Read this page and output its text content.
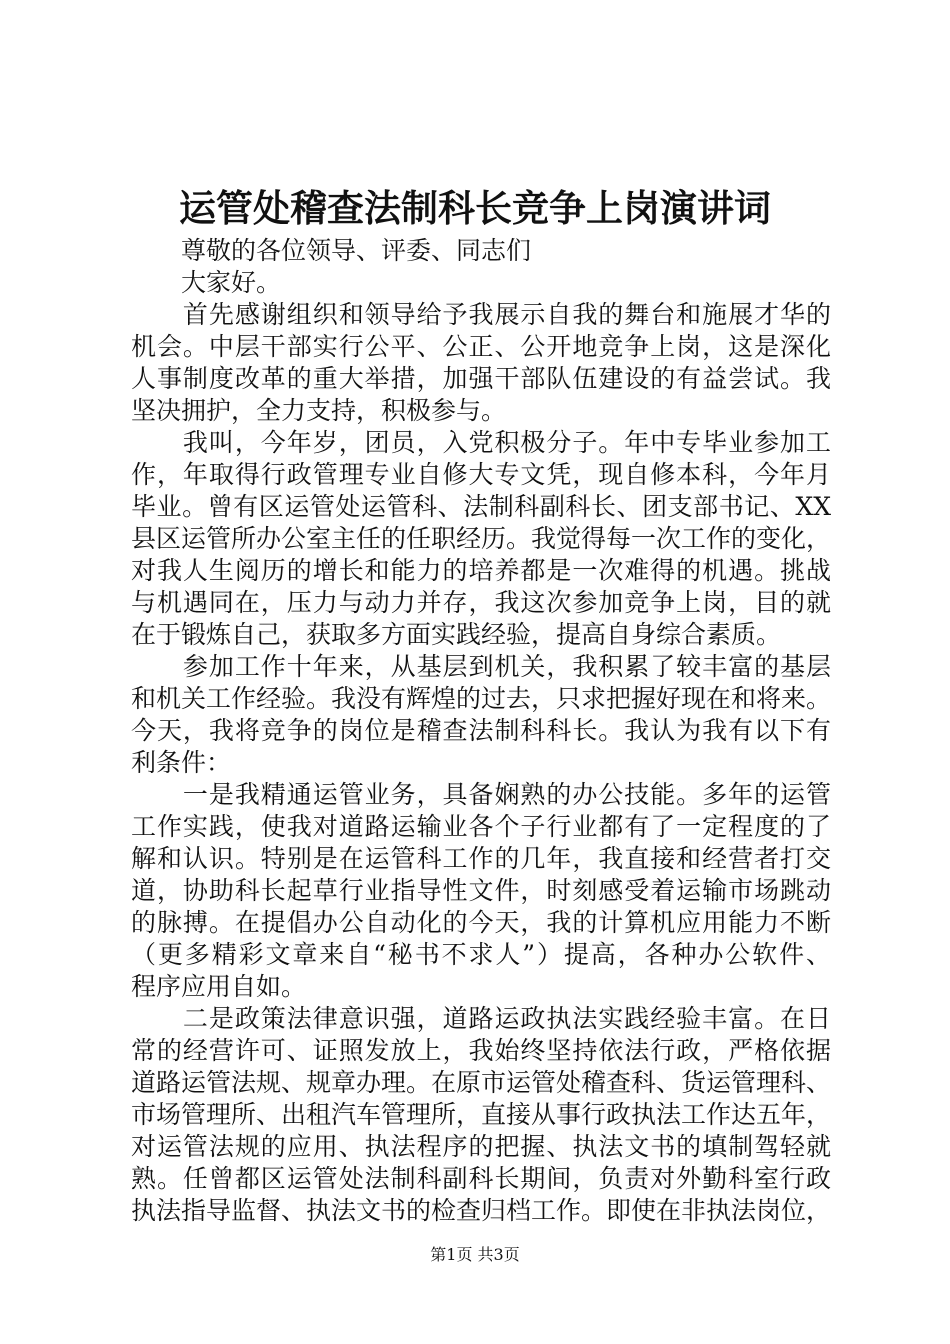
运管处稽查法制科长竞争上岗演讲词
　　尊敬的各位领导、评委、同志们
　　大家好。
　　首先感谢组织和领导给予我展示自我的舞台和施展才华的
机会。中层干部实行公平、公正、公开地竞争上岗，这是深化
人事制度改革的重大举措，加强干部队伍建设的有益尝试。我
坚决拥护，全力支持，积极参与。
　　我叫，今年岁，团员，入党积极分子。年中专毕业参加工
作，年取得行政管理专业自修大专文凭，现自修本科，今年月
毕业。曾有区运管处运管科、法制科副科长、团支部书记、XX
县区运管所办公室主任的任职经历。我觉得每一次工作的变化，
对我人生阅历的增长和能力的培养都是一次难得的机遇。挑战
与机遇同在，压力与动力并存，我这次参加竞争上岗，目的就
在于锻炼自己，获取多方面实践经验，提高自身综合素质。
　　参加工作十年来，从基层到机关，我积累了较丰富的基层
和机关工作经验。我没有辉煌的过去，只求把握好现在和将来。
今天，我将竞争的岗位是稽查法制科科长。我认为我有以下有
利条件：
　　一是我精通运管业务，具备娴熟的办公技能。多年的运管
工作实践，使我对道路运输业各个子行业都有了一定程度的了
解和认识。特别是在运管科工作的几年，我直接和经营者打交
道，协助科长起草行业指导性文件，时刻感受着运输市场跳动
的脉搏。在提倡办公自动化的今天，我的计算机应用能力不断
（更多精彩文章来自“秘书不求人”）提高，各种办公软件、
程序应用自如。
　　二是政策法律意识强，道路运政执法实践经验丰富。在日
常的经营许可、证照发放上，我始终坚持依法行政，严格依据
道路运管法规、规章办理。在原市运管处稽查科、货运管理科、
市场管理所、出租汽车管理所，直接从事行政执法工作达五年，
对运管法规的应用、执法程序的把握、执法文书的填制驾轻就
熟。任曾都区运管处法制科副科长期间，负责对外勤科室行政
执法指导监督、执法文书的检查归档工作。即使在非执法岗位，
第1页 共3页
